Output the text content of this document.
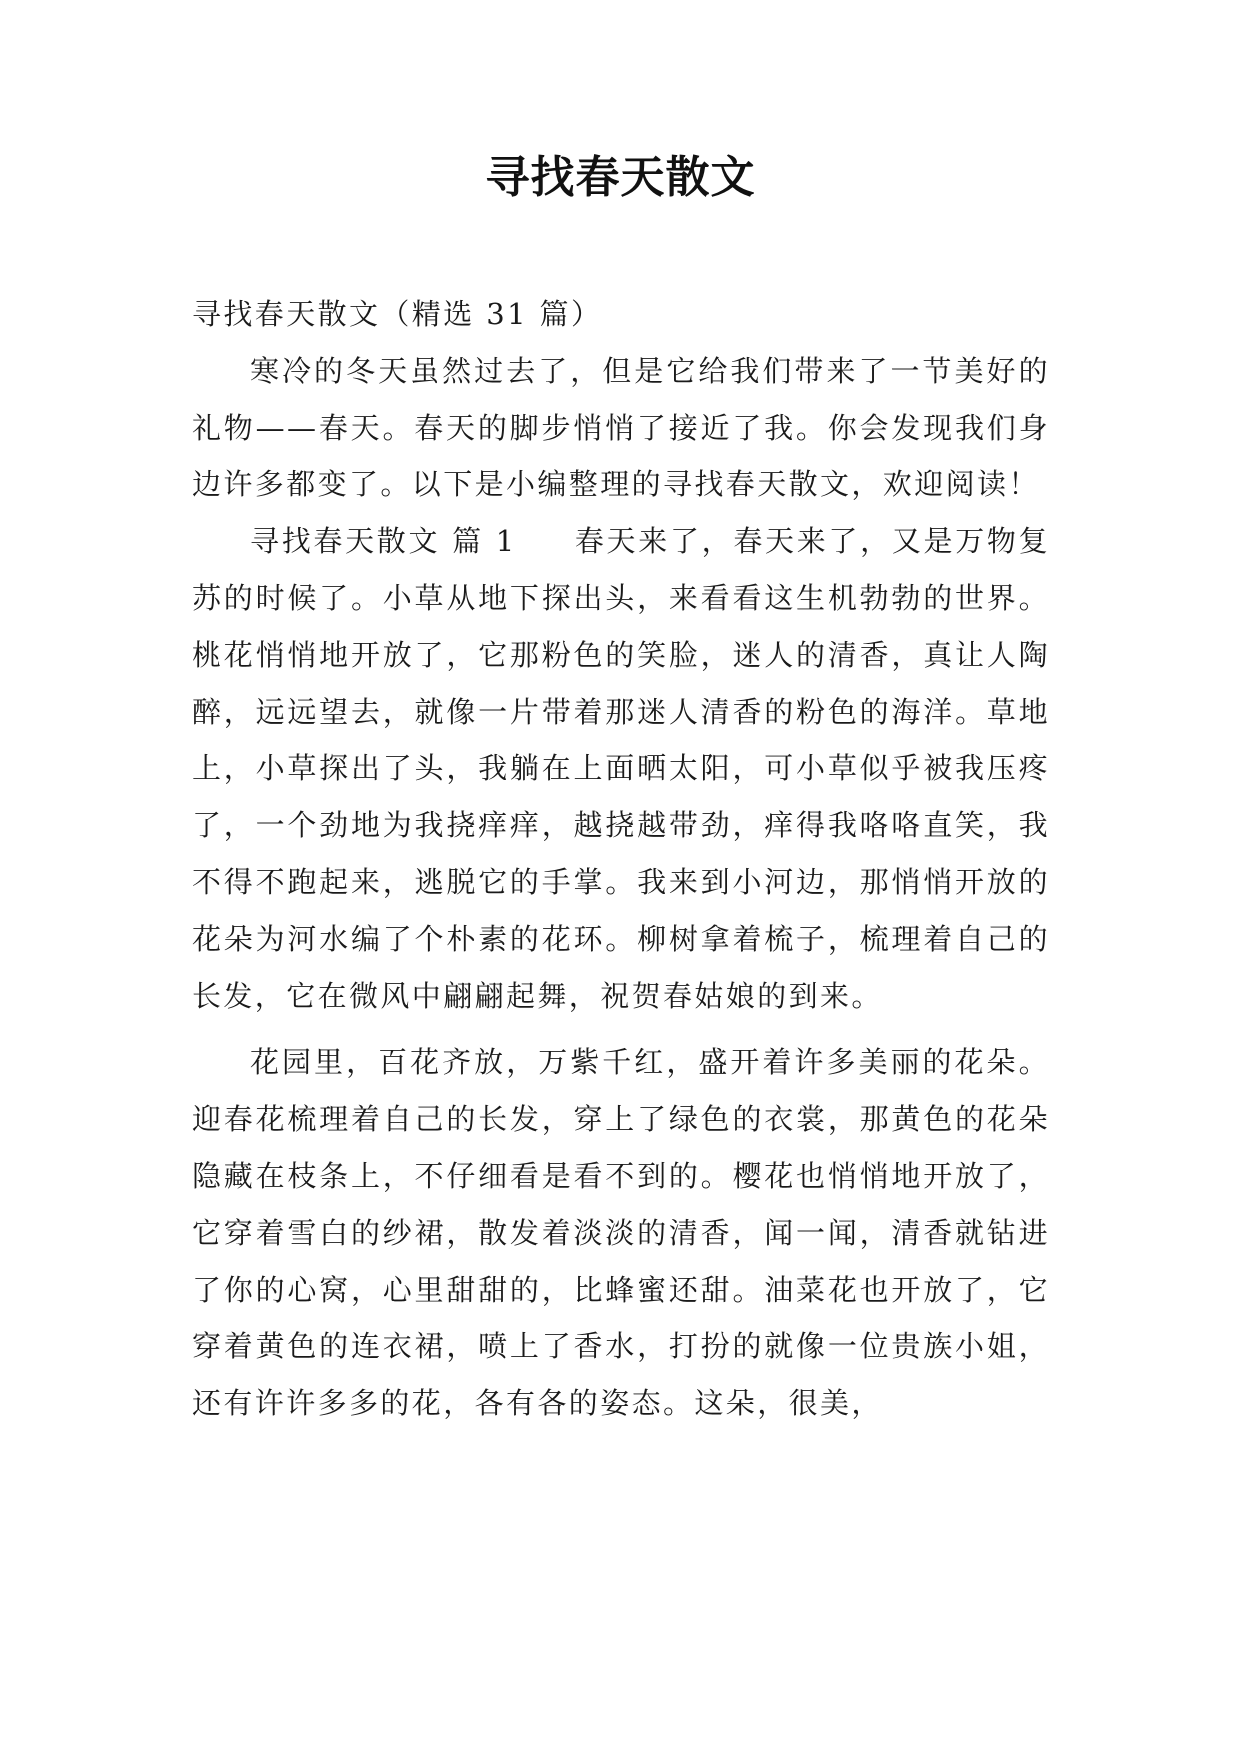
寻找春天散文

寻找春天散文（精选 31 篇）

寒冷的冬天虽然过去了，但是它给我们带来了一节美好的礼物——春天。春天的脚步悄悄了接近了我。你会发现我们身边许多都变了。以下是小编整理的寻找春天散文，欢迎阅读！

寻找春天散文 篇 1 春天来了，春天来了，又是万物复苏的时候了。小草从地下探出头，来看看这生机勃勃的世界。桃花悄悄地开放了，它那粉色的笑脸，迷人的清香，真让人陶醉，远远望去，就像一片带着那迷人清香的粉色的海洋。草地上，小草探出了头，我躺在上面晒太阳，可小草似乎被我压疼了，一个劲地为我挠痒痒，越挠越带劲，痒得我咯咯直笑，我不得不跑起来，逃脱它的手掌。我来到小河边，那悄悄开放的花朵为河水编了个朴素的花环。柳树拿着梳子，梳理着自己的长发，它在微风中翩翩起舞，祝贺春姑娘的到来。

花园里，百花齐放，万紫千红，盛开着许多美丽的花朵。迎春花梳理着自己的长发，穿上了绿色的衣裳，那黄色的花朵隐藏在枝条上，不仔细看是看不到的。樱花也悄悄地开放了，它穿着雪白的纱裙，散发着淡淡的清香，闻一闻，清香就钻进了你的心窝，心里甜甜的，比蜂蜜还甜。油菜花也开放了，它穿着黄色的连衣裙，喷上了香水，打扮的就像一位贵族小姐，还有许许多多的花，各有各的姿态。这朵，很美，
